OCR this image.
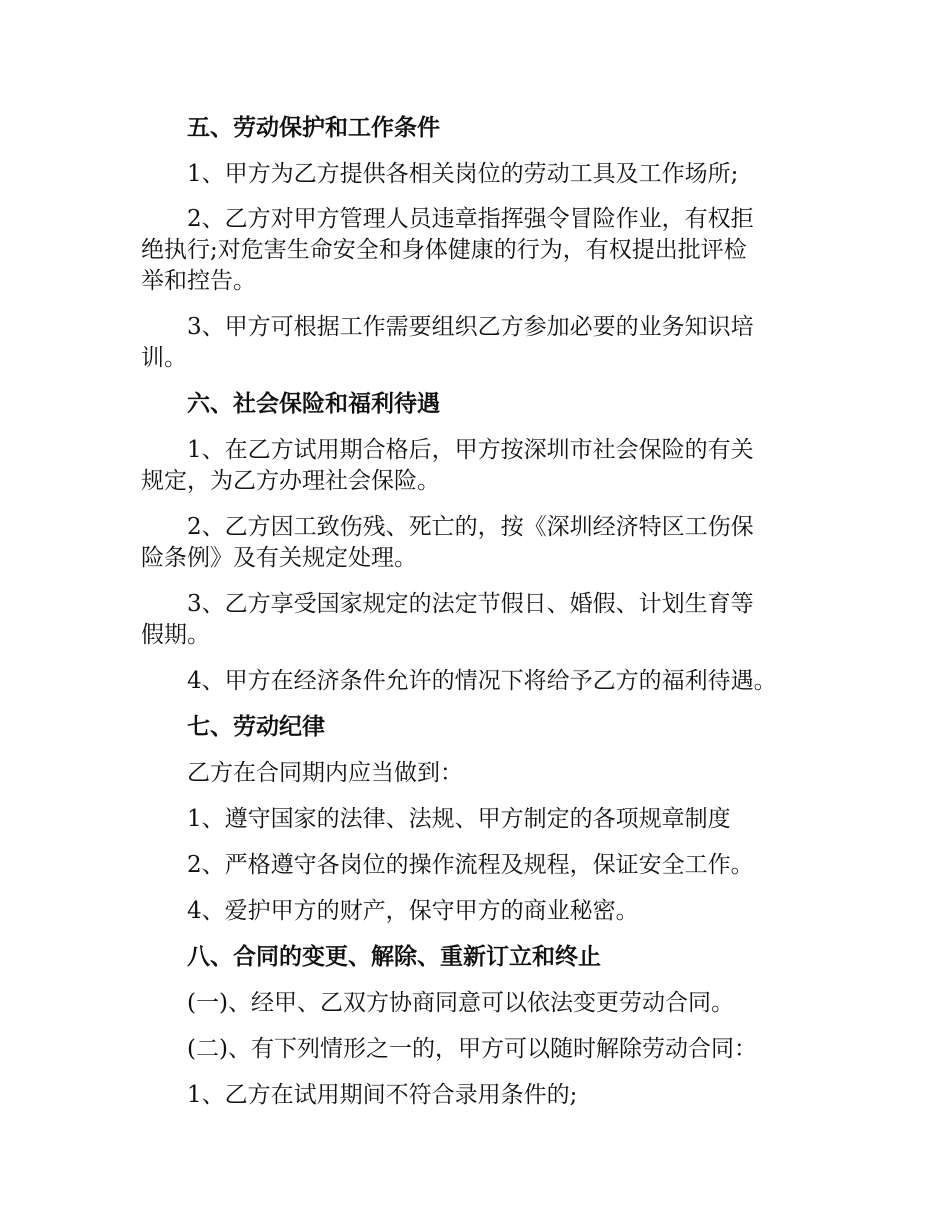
五、劳动保护和工作条件
1、甲方为乙方提供各相关岗位的劳动工具及工作场所;
2、乙方对甲方管理人员违章指挥强令冒险作业，有权拒
绝执行;对危害生命安全和身体健康的行为，有权提出批评检
举和控告。
3、甲方可根据工作需要组织乙方参加必要的业务知识培
训。
六、社会保险和福利待遇
1、在乙方试用期合格后，甲方按深圳市社会保险的有关
规定，为乙方办理社会保险。
2、乙方因工致伤残、死亡的，按《深圳经济特区工伤保
险条例》及有关规定处理。
3、乙方享受国家规定的法定节假日、婚假、计划生育等
假期。
4、甲方在经济条件允许的情况下将给予乙方的福利待遇。
七、劳动纪律
乙方在合同期内应当做到：
1、遵守国家的法律、法规、甲方制定的各项规章制度
2、严格遵守各岗位的操作流程及规程，保证安全工作。
4、爱护甲方的财产，保守甲方的商业秘密。
八、合同的变更、解除、重新订立和终止
(一)、经甲、乙双方协商同意可以依法变更劳动合同。
(二)、有下列情形之一的，甲方可以随时解除劳动合同：
1、乙方在试用期间不符合录用条件的;
